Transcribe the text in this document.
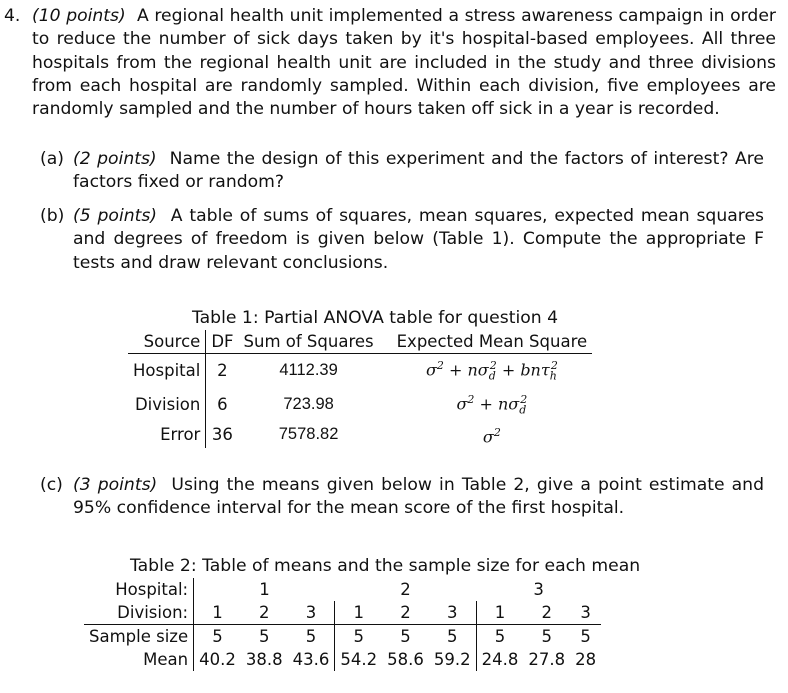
4. (10 points) A regional health unit implemented a stress awareness campaign in order to reduce the number of sick days taken by it's hospital-based employees. All three hospitals from the regional health unit are included in the study and three divisions from each hospital are randomly sampled. Within each division, five employees are randomly sampled and the number of hours taken off sick in a year is recorded.
(a) (2 points) Name the design of this experiment and the factors of interest? Are factors fixed or random?
(b) (5 points) A table of sums of squares, mean squares, expected mean squares and degrees of freedom is given below (Table 1). Compute the appropriate F tests and draw relevant conclusions.
Table 1: Partial ANOVA table for question 4
Source	DF	Sum of Squares	Expected Mean Square
Hospital	2	4112.39	$\sigma^2 + n\sigma_d^2 + bn\tau_h^2$
Division	6	723.98	$\sigma^2 + n\sigma_d^2$
Error	36	7578.82	$\sigma^2$
(c) (3 points) Using the means given below in Table 2, give a point estimate and 95% confidence interval for the mean score of the first hospital.
Table 2: Table of means and the sample size for each mean
Hospital:	1			2			3		
Division:	1	2	3	1	2	3	1	2	3
Sample size	5	5	5	5	5	5	5	5	5
Mean	40.2	38.8	43.6	54.2	58.6	59.2	24.8	27.8	28
